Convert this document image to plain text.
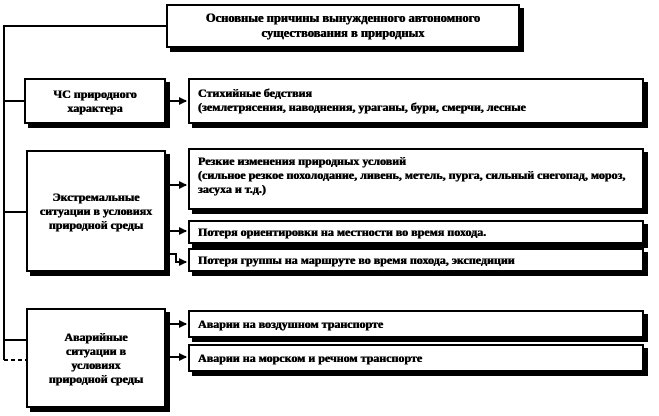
Основные причины вынужденного автономного существования в природных
ЧС природного характера
Стихийные бедствия
(землетрясения, наводнения, ураганы, бури, смерчи, лесные
Экстремальные ситуации в условиях природной среды
Резкие изменения природных условий
(сильное резкое похолодание, ливень, метель, пурга, сильный снегопад, мороз, засуха и т.д.)
Потеря ориентировки на местности во время похода.
Потеря группы на маршруте во время похода, экспедиции
Аварийные ситуации в условиях природной среды
Аварии на воздушном транспорте
Аварии на морском и речном транспорте
